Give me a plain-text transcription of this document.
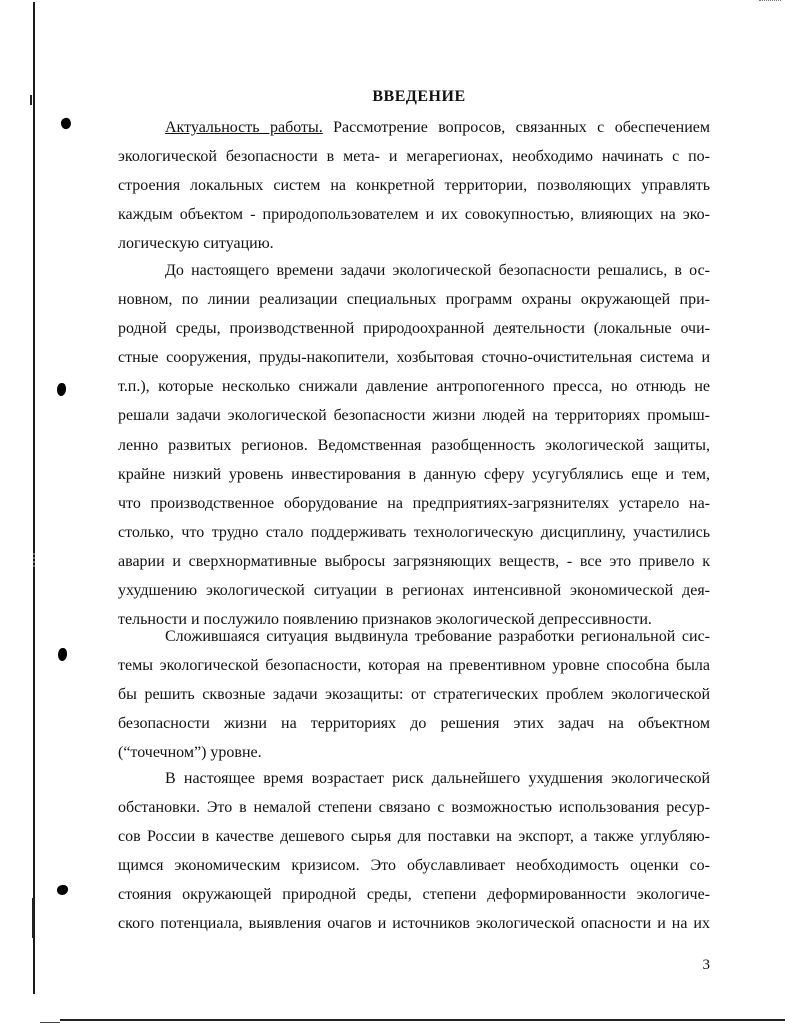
ВВЕДЕНИЕ
Актуальность работы. Рассмотрение вопросов, связанных с обеспечением
экологической безопасности в мета- и мегарегионах, необходимо начинать с по-
строения локальных систем на конкретной территории, позволяющих управлять
каждым объектом - природопользователем и их совокупностью, влияющих на эко-
логическую ситуацию.
До настоящего времени задачи экологической безопасности решались, в ос-
новном, по линии реализации специальных программ охраны окружающей при-
родной среды, производственной природоохранной деятельности (локальные очи-
стные сооружения, пруды-накопители, хозбытовая сточно-очистительная система и
т.п.), которые несколько снижали давление антропогенного пресса, но отнюдь не
решали задачи экологической безопасности жизни людей на территориях промыш-
ленно развитых регионов. Ведомственная разобщенность экологической защиты,
крайне низкий уровень инвестирования в данную сферу усугублялись еще и тем,
что производственное оборудование на предприятиях-загрязнителях устарело на-
столько, что трудно стало поддерживать технологическую дисциплину, участились
аварии и сверхнормативные выбросы загрязняющих веществ, - все это привело к
ухудшению экологической ситуации в регионах интенсивной экономической дея-
тельности и послужило появлению признаков экологической депрессивности.
Сложившаяся ситуация выдвинула требование разработки региональной сис-
темы экологической безопасности, которая на превентивном уровне способна была
бы решить сквозные задачи экозащиты: от стратегических проблем экологической
безопасности жизни на территориях до решения этих задач на объектном
(“точечном”) уровне.
В настоящее время возрастает риск дальнейшего ухудшения экологической
обстановки. Это в немалой степени связано с возможностью использования ресур-
сов России в качестве дешевого сырья для поставки на экспорт, а также углубляю-
щимся экономическим кризисом. Это обуславливает необходимость оценки со-
стояния окружающей природной среды, степени деформированности экологиче-
ского потенциала, выявления очагов и источников экологической опасности и на их
3
